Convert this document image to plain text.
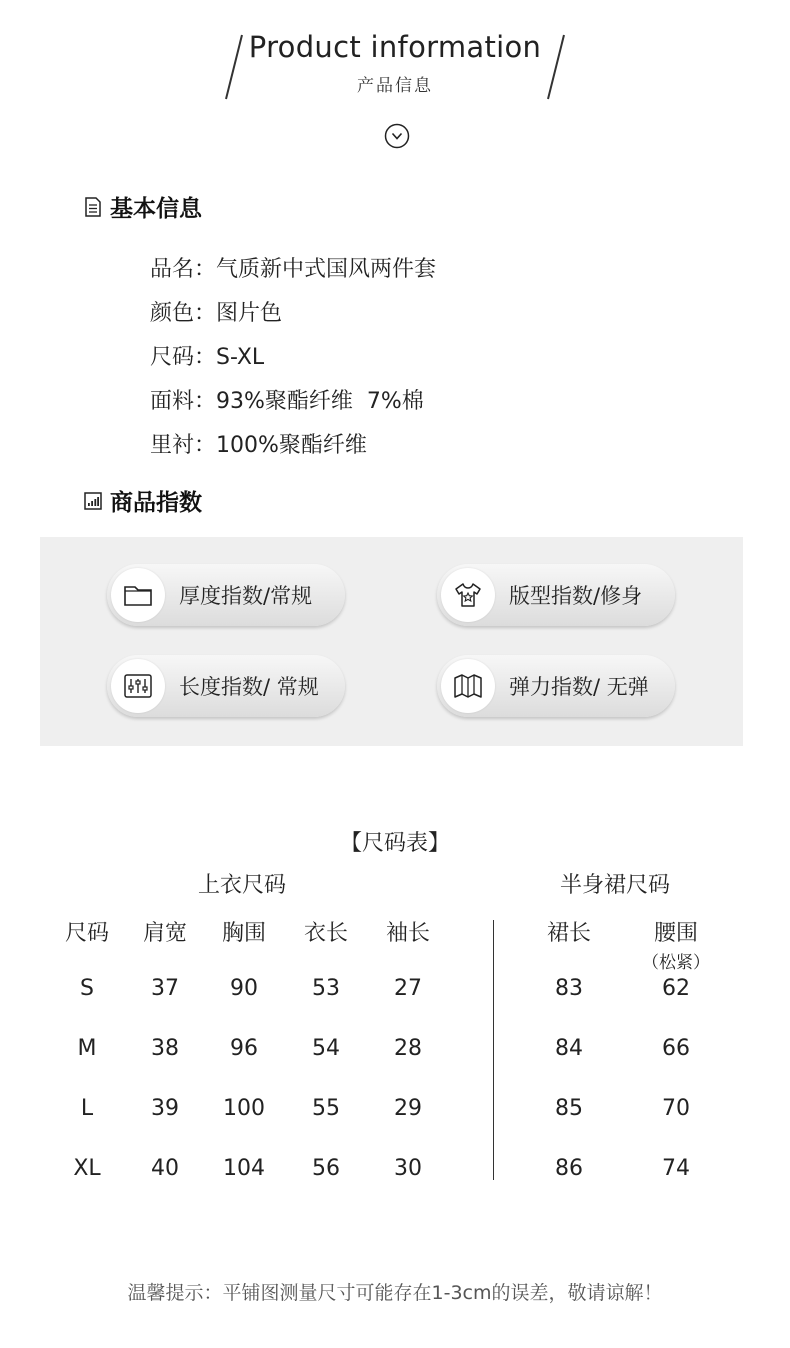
Product information
产品信息
基本信息
品名：气质新中式国风两件套
颜色：图片色
尺码：S-XL
面料：93%聚酯纤维  7%棉
里衬：100%聚酯纤维
商品指数
厚度指数/常规	版型指数/修身
长度指数/ 常规	弹力指数/ 无弹
【尺码表】
上衣尺码	半身裙尺码
尺码	肩宽	胸围	衣长	袖长	裙长	腰围
（松紧）
S	37	90	53	27	83	62
M	38	96	54	28	84	66
L	39	100	55	29	85	70
XL	40	104	56	30	86	74
温馨提示：平铺图测量尺寸可能存在1-3cm的误差，敬请谅解！
